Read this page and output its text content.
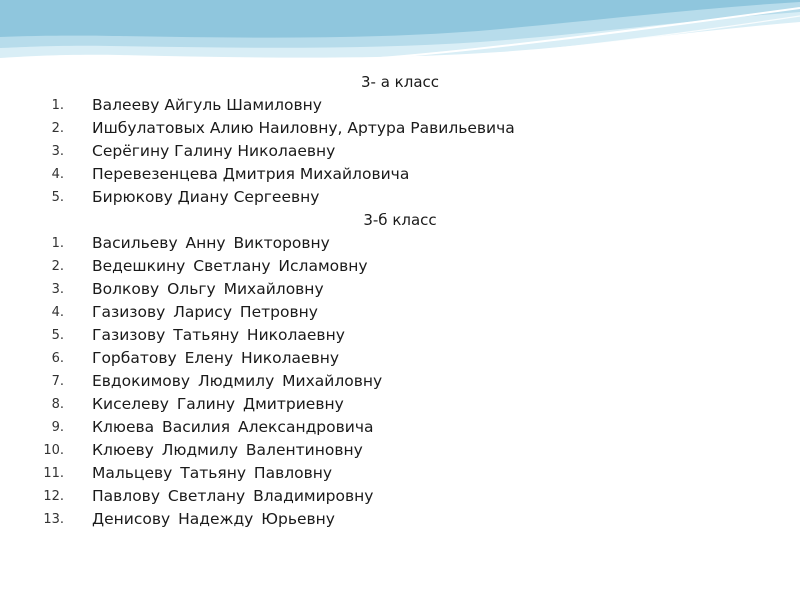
3- а класс
1. Валееву Айгуль Шамиловну
2. Ишбулатовых Алию Наиловну, Артура Равильевича
3. Серёгину Галину Николаевну
4. Перевезенцева Дмитрия Михайловича
5. Бирюкову Диану Сергеевну
3-б класс
1. Васильеву Анну Викторовну
2. Ведешкину Светлану Исламовну
3. Волкову Ольгу Михайловну
4. Газизову Ларису Петровну
5. Газизову Татьяну Николаевну
6. Горбатову Елену Николаевну
7. Евдокимову Людмилу Михайловну
8. Киселеву Галину Дмитриевну
9. Клюева Василия Александровича
10. Клюеву Людмилу Валентиновну
11. Мальцеву Татьяну Павловну
12. Павлову Светлану Владимировну
13. Денисову Надежду Юрьевну
